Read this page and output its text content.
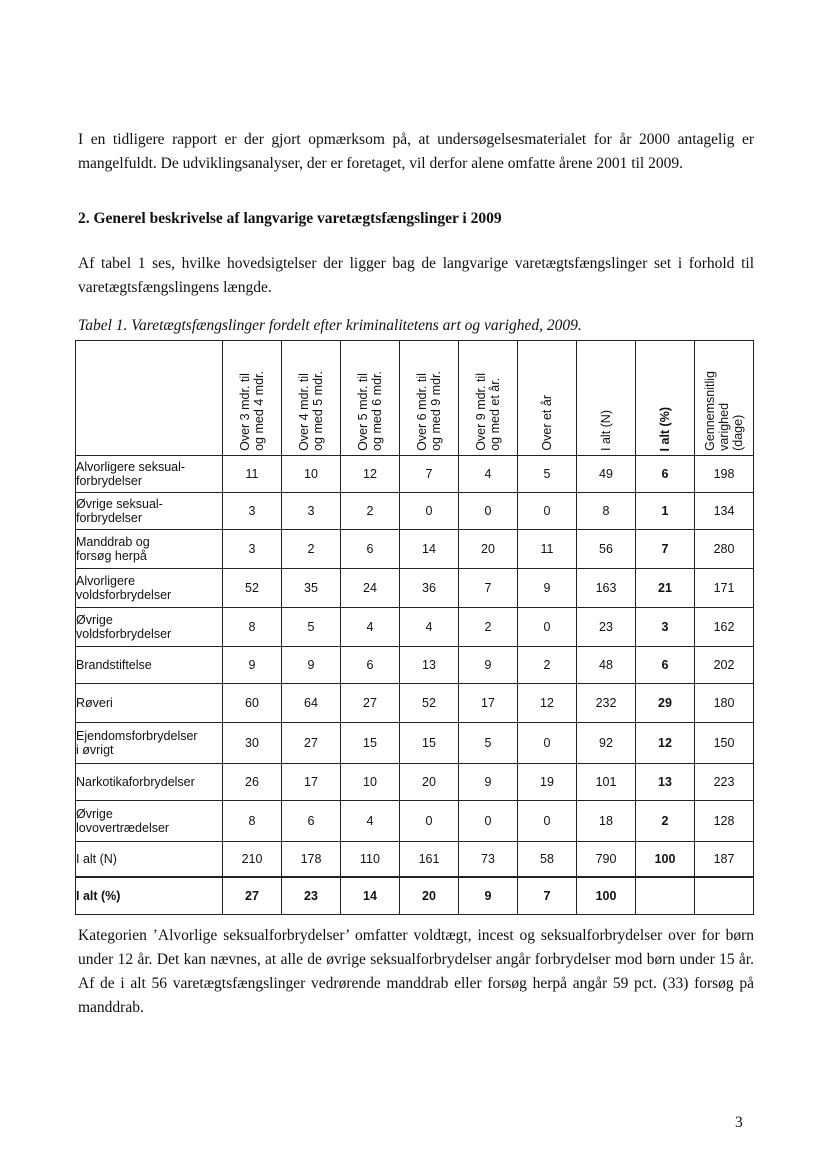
I en tidligere rapport er der gjort opmærksom på, at undersøgelsesmaterialet for år 2000 antagelig er mangelfuldt. De udviklingsanalyser, der er foretaget, vil derfor alene omfatte årene 2001 til 2009.

2. Generel beskrivelse af langvarige varetægtsfængslinger i 2009

Af tabel 1 ses, hvilke hovedsigtelser der ligger bag de langvarige varetægtsfængslinger set i forhold til varetægtsfængslingens længde.

Tabel 1. Varetægtsfængslinger fordelt efter kriminalitetens art og varighed, 2009.

	Over 3 mdr. til
og med 4 mdr.	Over 4 mdr. til
og med 5 mdr.	Over 5 mdr. til
og med 6 mdr.	Over 6 mdr. til
og med 9 mdr.	Over 9 mdr. til
og med et år.	Over et år	I alt (N)	I alt (%)	Gennemsnitlig
varighed
(dage)

Alvorligere seksual-
forbrydelser	11	10	12	7	4	5	49	6	198
Øvrige seksual-
forbrydelser	3	3	2	0	0	0	8	1	134
Manddrab og
forsøg herpå	3	2	6	14	20	11	56	7	280
Alvorligere
voldsforbrydelser	52	35	24	36	7	9	163	21	171
Øvrige
voldsforbrydelser	8	5	4	4	2	0	23	3	162
Brandstiftelse	9	9	6	13	9	2	48	6	202
Røveri	60	64	27	52	17	12	232	29	180
Ejendomsforbrydelser
i øvrigt	30	27	15	15	5	0	92	12	150
Narkotikaforbrydelser	26	17	10	20	9	19	101	13	223
Øvrige
lovovertrædelser	8	6	4	0	0	0	18	2	128
I alt (N)	210	178	110	161	73	58	790	100	187
I alt (%)	27	23	14	20	9	7	100		

Kategorien ’Alvorlige seksualforbrydelser’ omfatter voldtægt, incest og seksualforbrydelser over for børn under 12 år. Det kan nævnes, at alle de øvrige seksualforbrydelser angår forbrydelser mod børn under 15 år. Af de i alt 56 varetægtsfængslinger vedrørende manddrab eller forsøg herpå angår 59 pct. (33) forsøg på manddrab.

3
